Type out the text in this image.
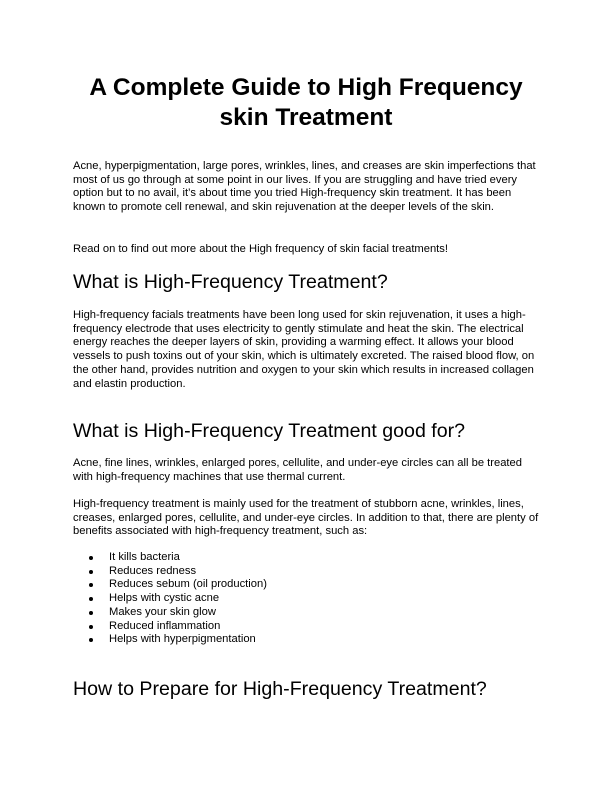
A Complete Guide to High Frequency
skin Treatment

Acne, hyperpigmentation, large pores, wrinkles, lines, and creases are skin imperfections that most of us go through at some point in our lives. If you are struggling and have tried every option but to no avail, it’s about time you tried High-frequency skin treatment. It has been known to promote cell renewal, and skin rejuvenation at the deeper levels of the skin.

Read on to find out more about the High frequency of skin facial treatments!

What is High-Frequency Treatment?

High-frequency facials treatments have been long used for skin rejuvenation, it uses a high-frequency electrode that uses electricity to gently stimulate and heat the skin. The electrical energy reaches the deeper layers of skin, providing a warming effect. It allows your blood vessels to push toxins out of your skin, which is ultimately excreted. The raised blood flow, on the other hand, provides nutrition and oxygen to your skin which results in increased collagen and elastin production.

What is High-Frequency Treatment good for?

Acne, fine lines, wrinkles, enlarged pores, cellulite, and under-eye circles can all be treated with high-frequency machines that use thermal current.

High-frequency treatment is mainly used for the treatment of stubborn acne, wrinkles, lines, creases, enlarged pores, cellulite, and under-eye circles. In addition to that, there are plenty of benefits associated with high-frequency treatment, such as:

It kills bacteria
Reduces redness
Reduces sebum (oil production)
Helps with cystic acne
Makes your skin glow
Reduced inflammation
Helps with hyperpigmentation
How to Prepare for High-Frequency Treatment?
